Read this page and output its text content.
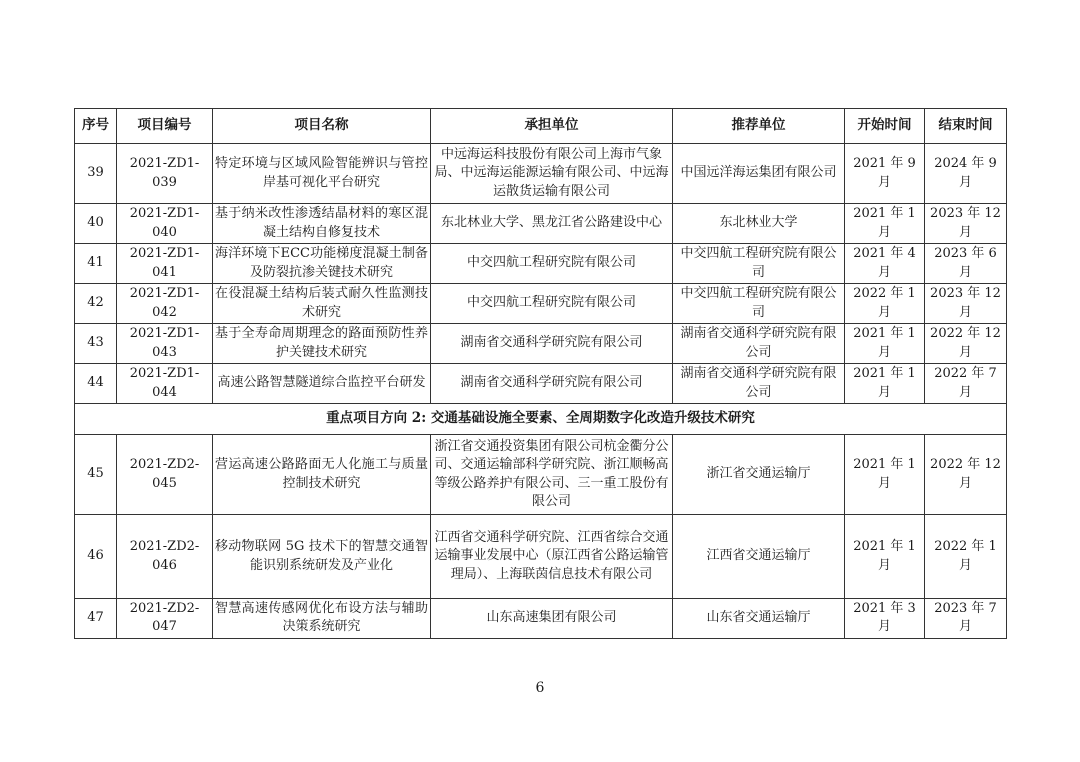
序号	项目编号	项目名称	承担单位	推荐单位	开始时间	结束时间
39	2021-ZD1-039	特定环境与区域风险智能辨识与管控岸基可视化平台研究	中远海运科技股份有限公司上海市气象局、中远海运能源运输有限公司、中远海运散货运输有限公司	中国远洋海运集团有限公司	2021 年 9 月	2024 年 9 月
40	2021-ZD1-040	基于纳米改性渗透结晶材料的寒区混凝土结构自修复技术	东北林业大学、黑龙江省公路建设中心	东北林业大学	2021 年 1 月	2023 年 12 月
41	2021-ZD1-041	海洋环境下ECC功能梯度混凝土制备及防裂抗渗关键技术研究	中交四航工程研究院有限公司	中交四航工程研究院有限公司	2021 年 4 月	2023 年 6 月
42	2021-ZD1-042	在役混凝土结构后装式耐久性监测技术研究	中交四航工程研究院有限公司	中交四航工程研究院有限公司	2022 年 1 月	2023 年 12 月
43	2021-ZD1-043	基于全寿命周期理念的路面预防性养护关键技术研究	湖南省交通科学研究院有限公司	湖南省交通科学研究院有限公司	2021 年 1 月	2022 年 12 月
44	2021-ZD1-044	高速公路智慧隧道综合监控平台研发	湖南省交通科学研究院有限公司	湖南省交通科学研究院有限公司	2021 年 1 月	2022 年 7 月
重点项目方向 2: 交通基础设施全要素、全周期数字化改造升级技术研究						
45	2021-ZD2-045	营运高速公路路面无人化施工与质量控制技术研究	浙江省交通投资集团有限公司杭金衢分公司、交通运输部科学研究院、浙江顺畅高等级公路养护有限公司、三一重工股份有限公司	浙江省交通运输厅	2021 年 1 月	2022 年 12 月
46	2021-ZD2-046	移动物联网 5G 技术下的智慧交通智能识别系统研发及产业化	江西省交通科学研究院、江西省综合交通运输事业发展中心（原江西省公路运输管理局）、上海联茵信息技术有限公司	江西省交通运输厅	2021 年 1 月	2022 年 1 月
47	2021-ZD2-047	智慧高速传感网优化布设方法与辅助决策系统研究	山东高速集团有限公司	山东省交通运输厅	2021 年 3 月	2023 年 7 月
6
